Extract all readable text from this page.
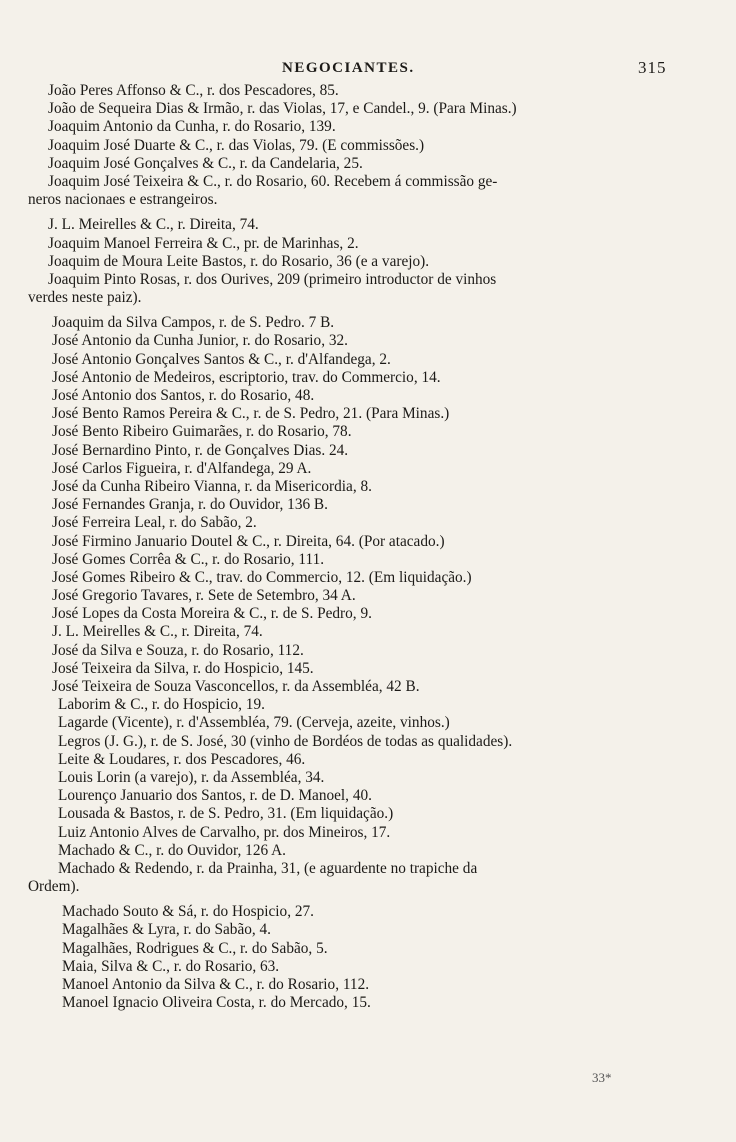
NEGOCIANTES.	315
João Peres Affonso & C., r. dos Pescadores, 85.
João de Sequeira Dias & Irmão, r. das Violas, 17, e Candel., 9. (Para Minas.)
Joaquim Antonio da Cunha, r. do Rosario, 139.
Joaquim José Duarte & C., r. das Violas, 79. (E commissões.)
Joaquim José Gonçalves & C., r. da Candelaria, 25.
Joaquim José Teixeira & C., r. do Rosario, 60. Recebem á commissão ge-
neros nacionaes e estrangeiros.
J. L. Meirelles & C., r. Direita, 74.
Joaquim Manoel Ferreira & C., pr. de Marinhas, 2.
Joaquim de Moura Leite Bastos, r. do Rosario, 36 (e a varejo).
Joaquim Pinto Rosas, r. dos Ourives, 209 (primeiro introductor de vinhos
verdes neste paiz).
Joaquim da Silva Campos, r. de S. Pedro. 7 B.
José Antonio da Cunha Junior, r. do Rosario, 32.
José Antonio Gonçalves Santos & C., r. d'Alfandega, 2.
José Antonio de Medeiros, escriptorio, trav. do Commercio, 14.
José Antonio dos Santos, r. do Rosario, 48.
José Bento Ramos Pereira & C., r. de S. Pedro, 21. (Para Minas.)
José Bento Ribeiro Guimarães, r. do Rosario, 78.
José Bernardino Pinto, r. de Gonçalves Dias. 24.
José Carlos Figueira, r. d'Alfandega, 29 A.
José da Cunha Ribeiro Vianna, r. da Misericordia, 8.
José Fernandes Granja, r. do Ouvidor, 136 B.
José Ferreira Leal, r. do Sabão, 2.
José Firmino Januario Doutel & C., r. Direita, 64. (Por atacado.)
José Gomes Corrêa & C., r. do Rosario, 111.
José Gomes Ribeiro & C., trav. do Commercio, 12. (Em liquidação.)
José Gregorio Tavares, r. Sete de Setembro, 34 A.
José Lopes da Costa Moreira & C., r. de S. Pedro, 9.
J. L. Meirelles & C., r. Direita, 74.
José da Silva e Souza, r. do Rosario, 112.
José Teixeira da Silva, r. do Hospicio, 145.
José Teixeira de Souza Vasconcellos, r. da Assembléa, 42 B.
Laborim & C., r. do Hospicio, 19.
Lagarde (Vicente), r. d'Assembléa, 79. (Cerveja, azeite, vinhos.)
Legros (J. G.), r. de S. José, 30 (vinho de Bordéos de todas as qualidades).
Leite & Loudares, r. dos Pescadores, 46.
Louis Lorin (a varejo), r. da Assembléa, 34.
Lourenço Januario dos Santos, r. de D. Manoel, 40.
Lousada & Bastos, r. de S. Pedro, 31. (Em liquidação.)
Luiz Antonio Alves de Carvalho, pr. dos Mineiros, 17.
Machado & C., r. do Ouvidor, 126 A.
Machado & Redendo, r. da Prainha, 31, (e aguardente no trapiche da
Ordem).
Machado Souto & Sá, r. do Hospicio, 27.
Magalhães & Lyra, r. do Sabão, 4.
Magalhães, Rodrigues & C., r. do Sabão, 5.
Maia, Silva & C., r. do Rosario, 63.
Manoel Antonio da Silva & C., r. do Rosario, 112.
Manoel Ignacio Oliveira Costa, r. do Mercado, 15.
33*
